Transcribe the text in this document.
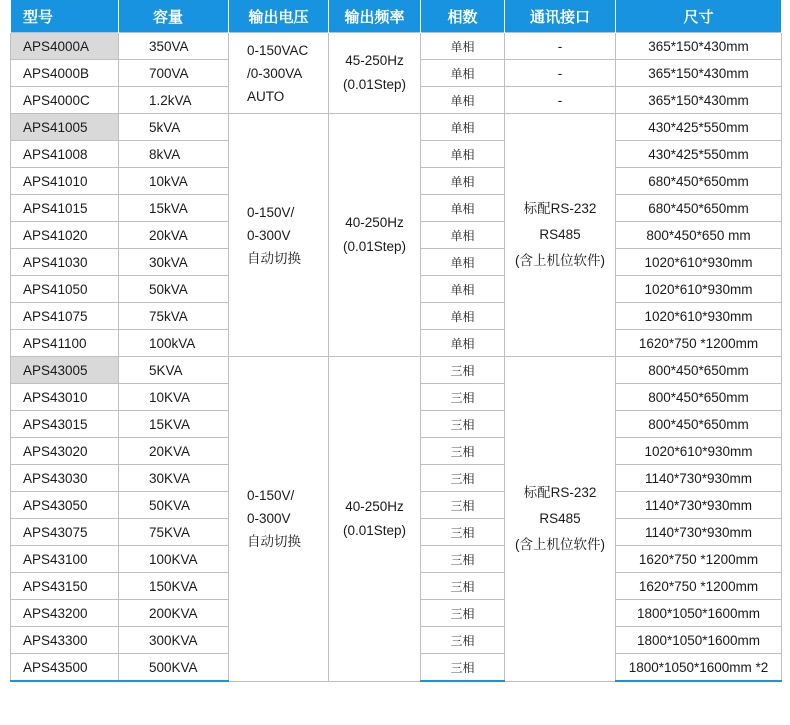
型号	容量	输出电压	输出频率	相数	通讯接口	尺寸
APS4000A	350VA	0-150VAC
/0-300VA
AUTO	45-250Hz
(0.01Step)	单相	-	365*150*430mm
APS4000B	700VA			单相	-	365*150*430mm
APS4000C	1.2kVA			单相	-	365*150*430mm
APS41005	5kVA	0-150V/
0-300V
自动切换	40-250Hz
(0.01Step)	单相	标配RS-232
RS485
(含上机位软件)	430*425*550mm
APS41008	8kVA			单相		430*425*550mm
APS41010	10kVA			单相		680*450*650mm
APS41015	15kVA			单相		680*450*650mm
APS41020	20kVA			单相		800*450*650 mm
APS41030	30kVA			单相		1020*610*930mm
APS41050	50kVA			单相		1020*610*930mm
APS41075	75kVA			单相		1020*610*930mm
APS41100	100kVA			单相		1620*750 *1200mm
APS43005	5KVA	0-150V/
0-300V
自动切换	40-250Hz
(0.01Step)	三相	标配RS-232
RS485
(含上机位软件)	800*450*650mm
APS43010	10KVA			三相		800*450*650mm
APS43015	15KVA			三相		800*450*650mm
APS43020	20KVA			三相		1020*610*930mm
APS43030	30KVA			三相		1140*730*930mm
APS43050	50KVA			三相		1140*730*930mm
APS43075	75KVA			三相		1140*730*930mm
APS43100	100KVA			三相		1620*750 *1200mm
APS43150	150KVA			三相		1620*750 *1200mm
APS43200	200KVA			三相		1800*1050*1600mm
APS43300	300KVA			三相		1800*1050*1600mm
APS43500	500KVA			三相		1800*1050*1600mm *2
